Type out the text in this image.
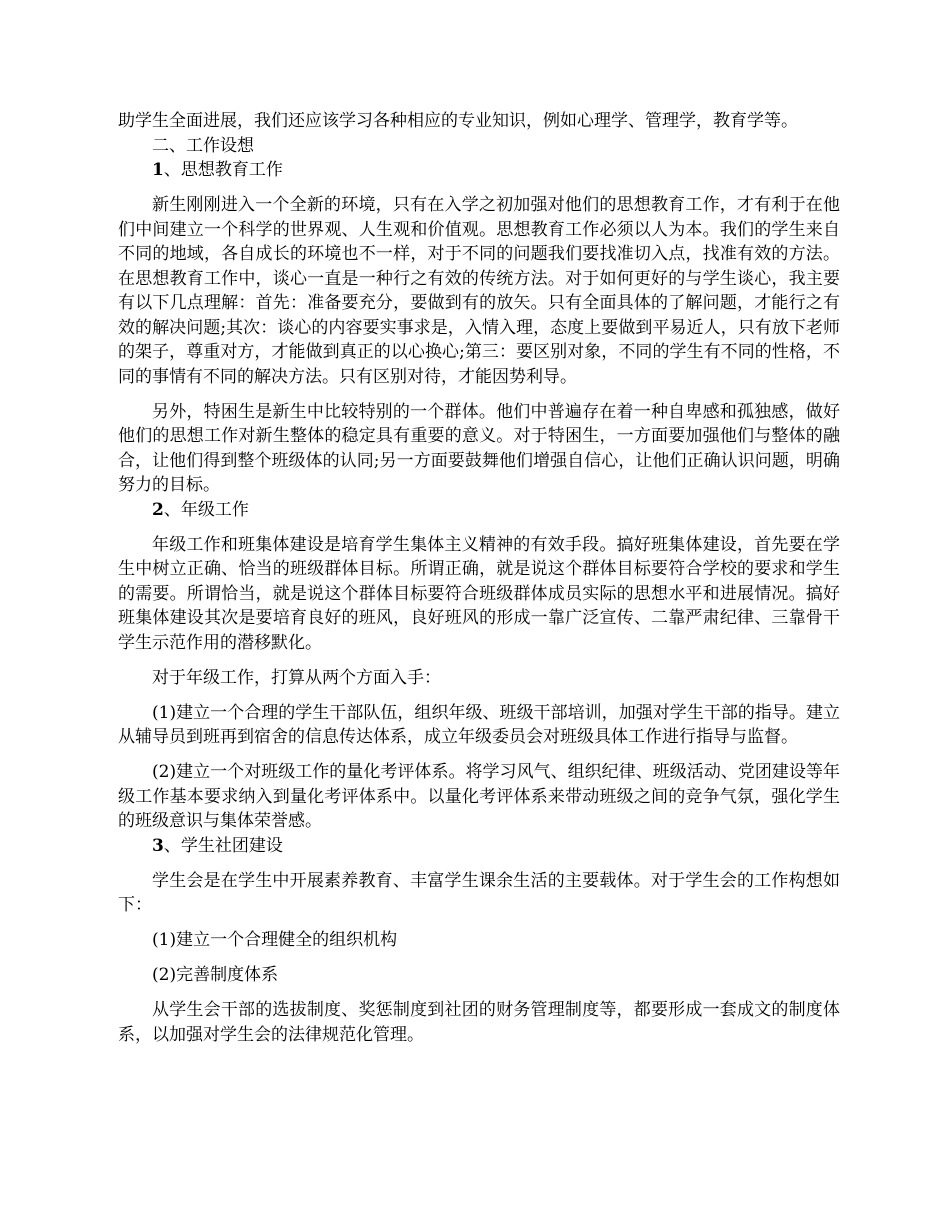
助学生全面进展，我们还应该学习各种相应的专业知识，例如心理学、管理学，教育学等。

二、工作设想

1、思想教育工作

新生刚刚进入一个全新的环境，只有在入学之初加强对他们的思想教育工作，才有利于在他们中间建立一个科学的世界观、人生观和价值观。思想教育工作必须以人为本。我们的学生来自不同的地域，各自成长的环境也不一样，对于不同的问题我们要找准切入点，找准有效的方法。在思想教育工作中，谈心一直是一种行之有效的传统方法。对于如何更好的与学生谈心，我主要有以下几点理解：首先：准备要充分，要做到有的放矢。只有全面具体的了解问题，才能行之有效的解决问题;其次：谈心的内容要实事求是，入情入理，态度上要做到平易近人，只有放下老师的架子，尊重对方，才能做到真正的以心换心;第三：要区别对象，不同的学生有不同的性格，不同的事情有不同的解决方法。只有区别对待，才能因势利导。

另外，特困生是新生中比较特别的一个群体。他们中普遍存在着一种自卑感和孤独感，做好他们的思想工作对新生整体的稳定具有重要的意义。对于特困生，一方面要加强他们与整体的融合，让他们得到整个班级体的认同;另一方面要鼓舞他们增强自信心，让他们正确认识问题，明确努力的目标。

2、年级工作

年级工作和班集体建设是培育学生集体主义精神的有效手段。搞好班集体建设，首先要在学生中树立正确、恰当的班级群体目标。所谓正确，就是说这个群体目标要符合学校的要求和学生的需要。所谓恰当，就是说这个群体目标要符合班级群体成员实际的思想水平和进展情况。搞好班集体建设其次是要培育良好的班风，良好班风的形成一靠广泛宣传、二靠严肃纪律、三靠骨干学生示范作用的潜移默化。

对于年级工作，打算从两个方面入手：

(1)建立一个合理的学生干部队伍，组织年级、班级干部培训，加强对学生干部的指导。建立从辅导员到班再到宿舍的信息传达体系，成立年级委员会对班级具体工作进行指导与监督。

(2)建立一个对班级工作的量化考评体系。将学习风气、组织纪律、班级活动、党团建设等年级工作基本要求纳入到量化考评体系中。以量化考评体系来带动班级之间的竞争气氛，强化学生的班级意识与集体荣誉感。

3、学生社团建设

学生会是在学生中开展素养教育、丰富学生课余生活的主要载体。对于学生会的工作构想如下：

(1)建立一个合理健全的组织机构

(2)完善制度体系

从学生会干部的选拔制度、奖惩制度到社团的财务管理制度等，都要形成一套成文的制度体系，以加强对学生会的法律规范化管理。
